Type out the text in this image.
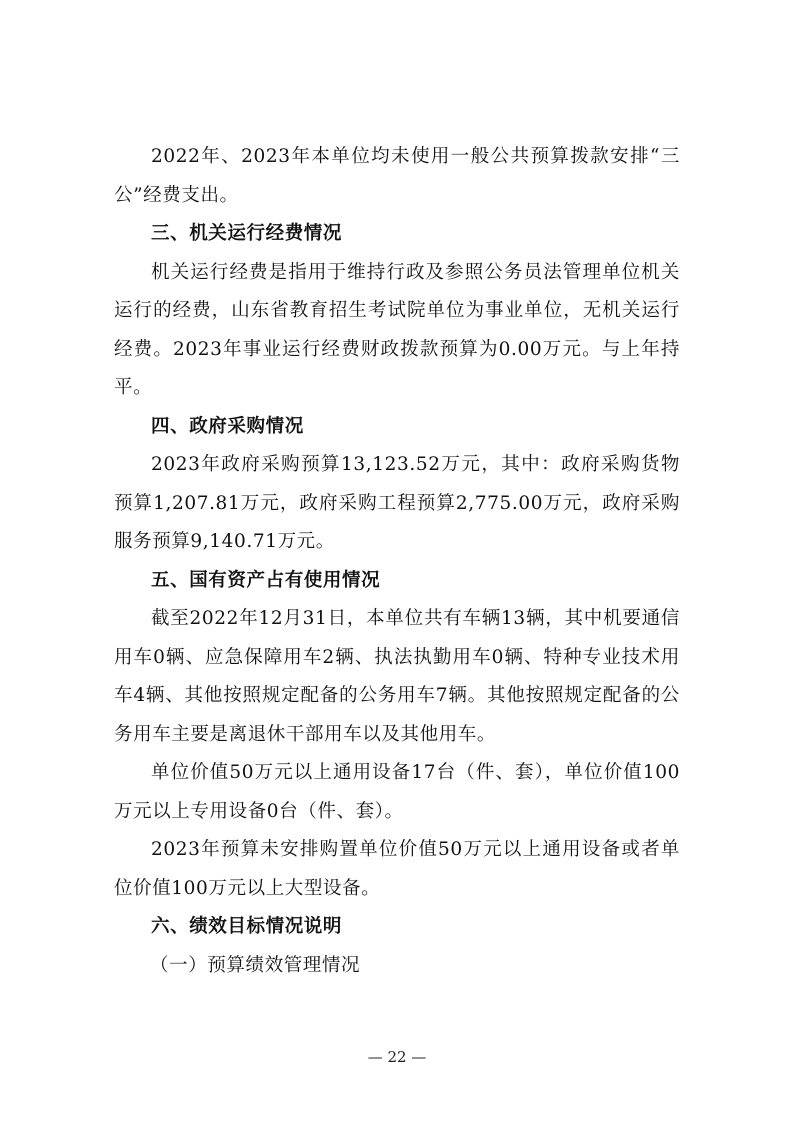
2022年、2023年本单位均未使用一般公共预算拨款安排“三公”经费支出。

三、机关运行经费情况

机关运行经费是指用于维持行政及参照公务员法管理单位机关运行的经费，山东省教育招生考试院单位为事业单位，无机关运行经费。2023年事业运行经费财政拨款预算为0.00万元。与上年持平。

四、政府采购情况

2023年政府采购预算13,123.52万元，其中：政府采购货物预算1,207.81万元，政府采购工程预算2,775.00万元，政府采购服务预算9,140.71万元。

五、国有资产占有使用情况

截至2022年12月31日，本单位共有车辆13辆，其中机要通信用车0辆、应急保障用车2辆、执法执勤用车0辆、特种专业技术用车4辆、其他按照规定配备的公务用车7辆。其他按照规定配备的公务用车主要是离退休干部用车以及其他用车。

单位价值50万元以上通用设备17台（件、套），单位价值100万元以上专用设备0台（件、套）。

2023年预算未安排购置单位价值50万元以上通用设备或者单位价值100万元以上大型设备。

六、绩效目标情况说明

（一）预算绩效管理情况

— 22 —
